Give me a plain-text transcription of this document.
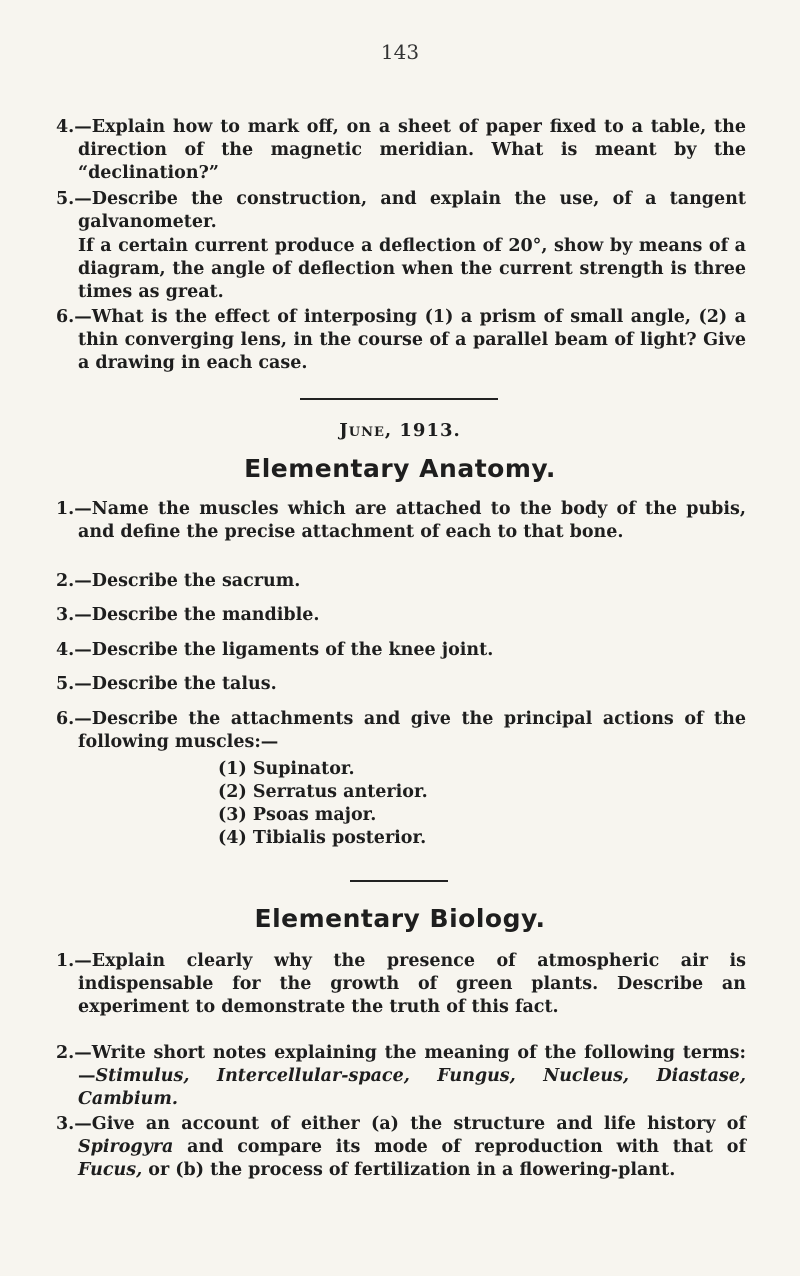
143
4.—Explain how to mark off, on a sheet of paper fixed to a table, the direction of the magnetic meridian. What is meant by the “declination?”
5.—Describe the construction, and explain the use, of a tangent galvanometer.
If a certain current produce a deflection of 20°, show by means of a diagram, the angle of deflection when the current strength is three times as great.
6.—What is the effect of interposing (1) a prism of small angle, (2) a thin converging lens, in the course of a parallel beam of light? Give a drawing in each case.
June, 1913.
Elementary Anatomy.
1.—Name the muscles which are attached to the body of the pubis, and define the precise attachment of each to that bone.
2.—Describe the sacrum.
3.—Describe the mandible.
4.—Describe the ligaments of the knee joint.
5.—Describe the talus.
6.—Describe the attachments and give the principal actions of the following muscles:—
(1) Supinator.
(2) Serratus anterior.
(3) Psoas major.
(4) Tibialis posterior.
Elementary Biology.
1.—Explain clearly why the presence of atmospheric air is indispensable for the growth of green plants. Describe an experiment to demonstrate the truth of this fact.
2.—Write short notes explaining the meaning of the following terms:—Stimulus, Intercellular-space, Fungus, Nucleus, Diastase, Cambium.
3.—Give an account of either (a) the structure and life history of Spirogyra and compare its mode of reproduction with that of Fucus, or (b) the process of fertilization in a flowering-plant.
